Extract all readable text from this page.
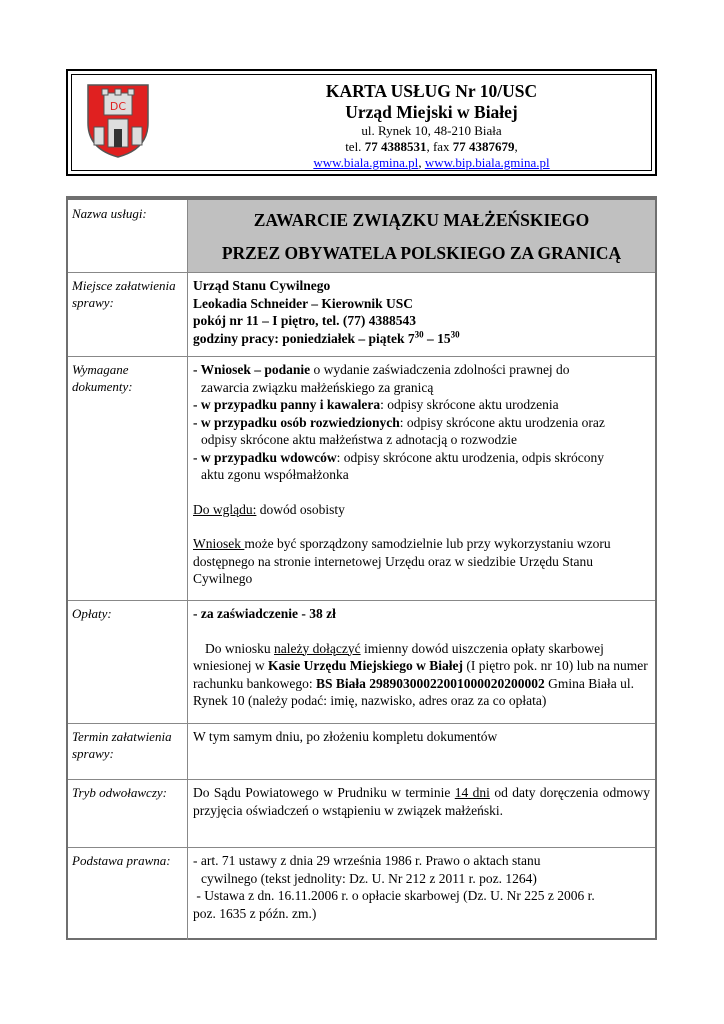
DC
KARTA USŁUG Nr 10/USC
Urząd Miejski w Białej
ul. Rynek 10, 48-210 Biała
tel. 77 4388531, fax 77 4387679,
www.biala.gmina.pl, www.bip.biala.gmina.pl
Nazwa usługi:	ZAWARCIE ZWIĄZKU MAŁŻEŃSKIEGO
PRZEZ OBYWATELA POLSKIEGO ZA GRANICĄ
Miejsce załatwienia sprawy:
Urząd Stanu Cywilnego
Leokadia Schneider – Kierownik USC
pokój nr 11 – I piętro, tel. (77) 4388543
godziny pracy: poniedziałek – piątek $7^{30} - 15^{30}$
Wymagane dokumenty:
- Wniosek – podanie o wydanie zaświadczenia zdolności prawnej do
zawarcia związku małżeńskiego za granicą
- w przypadku panny i kawalera: odpisy skrócone aktu urodzenia
- w przypadku osób rozwiedzionych: odpisy skrócone aktu urodzenia oraz
odpisy skrócone aktu małżeństwa z adnotacją o rozwodzie
- w przypadku wdowców: odpisy skrócone aktu urodzenia, odpis skrócony
aktu zgonu współmałżonka
Do wglądu: dowód osobisty
Wniosek może być sporządzony samodzielnie lub przy wykorzystaniu wzoru dostępnego na stronie internetowej Urzędu oraz w siedzibie Urzędu Stanu Cywilnego
Opłaty:	- za zaświadczenie - 38 zł
Do wniosku należy dołączyć imienny dowód uiszczenia opłaty skarbowej wniesionej w Kasie Urzędu Miejskiego w Białej (I piętro pok. nr 10) lub na numer rachunku bankowego: BS Biała 29890300022001000020200002 Gmina Biała ul. Rynek 10 (należy podać: imię, nazwisko, adres oraz za co opłata)
Termin załatwienia sprawy:
W tym samym dniu, po złożeniu kompletu dokumentów
Tryb odwoławczy:	Do Sądu Powiatowego w Prudniku w terminie 14 dni od daty doręczenia odmowy przyjęcia oświadczeń o wstąpieniu w związek małżeński.
Podstawa prawna:	- art. 71 ustawy z dnia 29 września 1986 r. Prawo o aktach stanu
cywilnego (tekst jednolity: Dz. U. Nr 212 z 2011 r. poz. 1264)
- Ustawa z dn. 16.11.2006 r. o opłacie skarbowej (Dz. U. Nr 225 z 2006 r.
poz. 1635 z późn. zm.)
